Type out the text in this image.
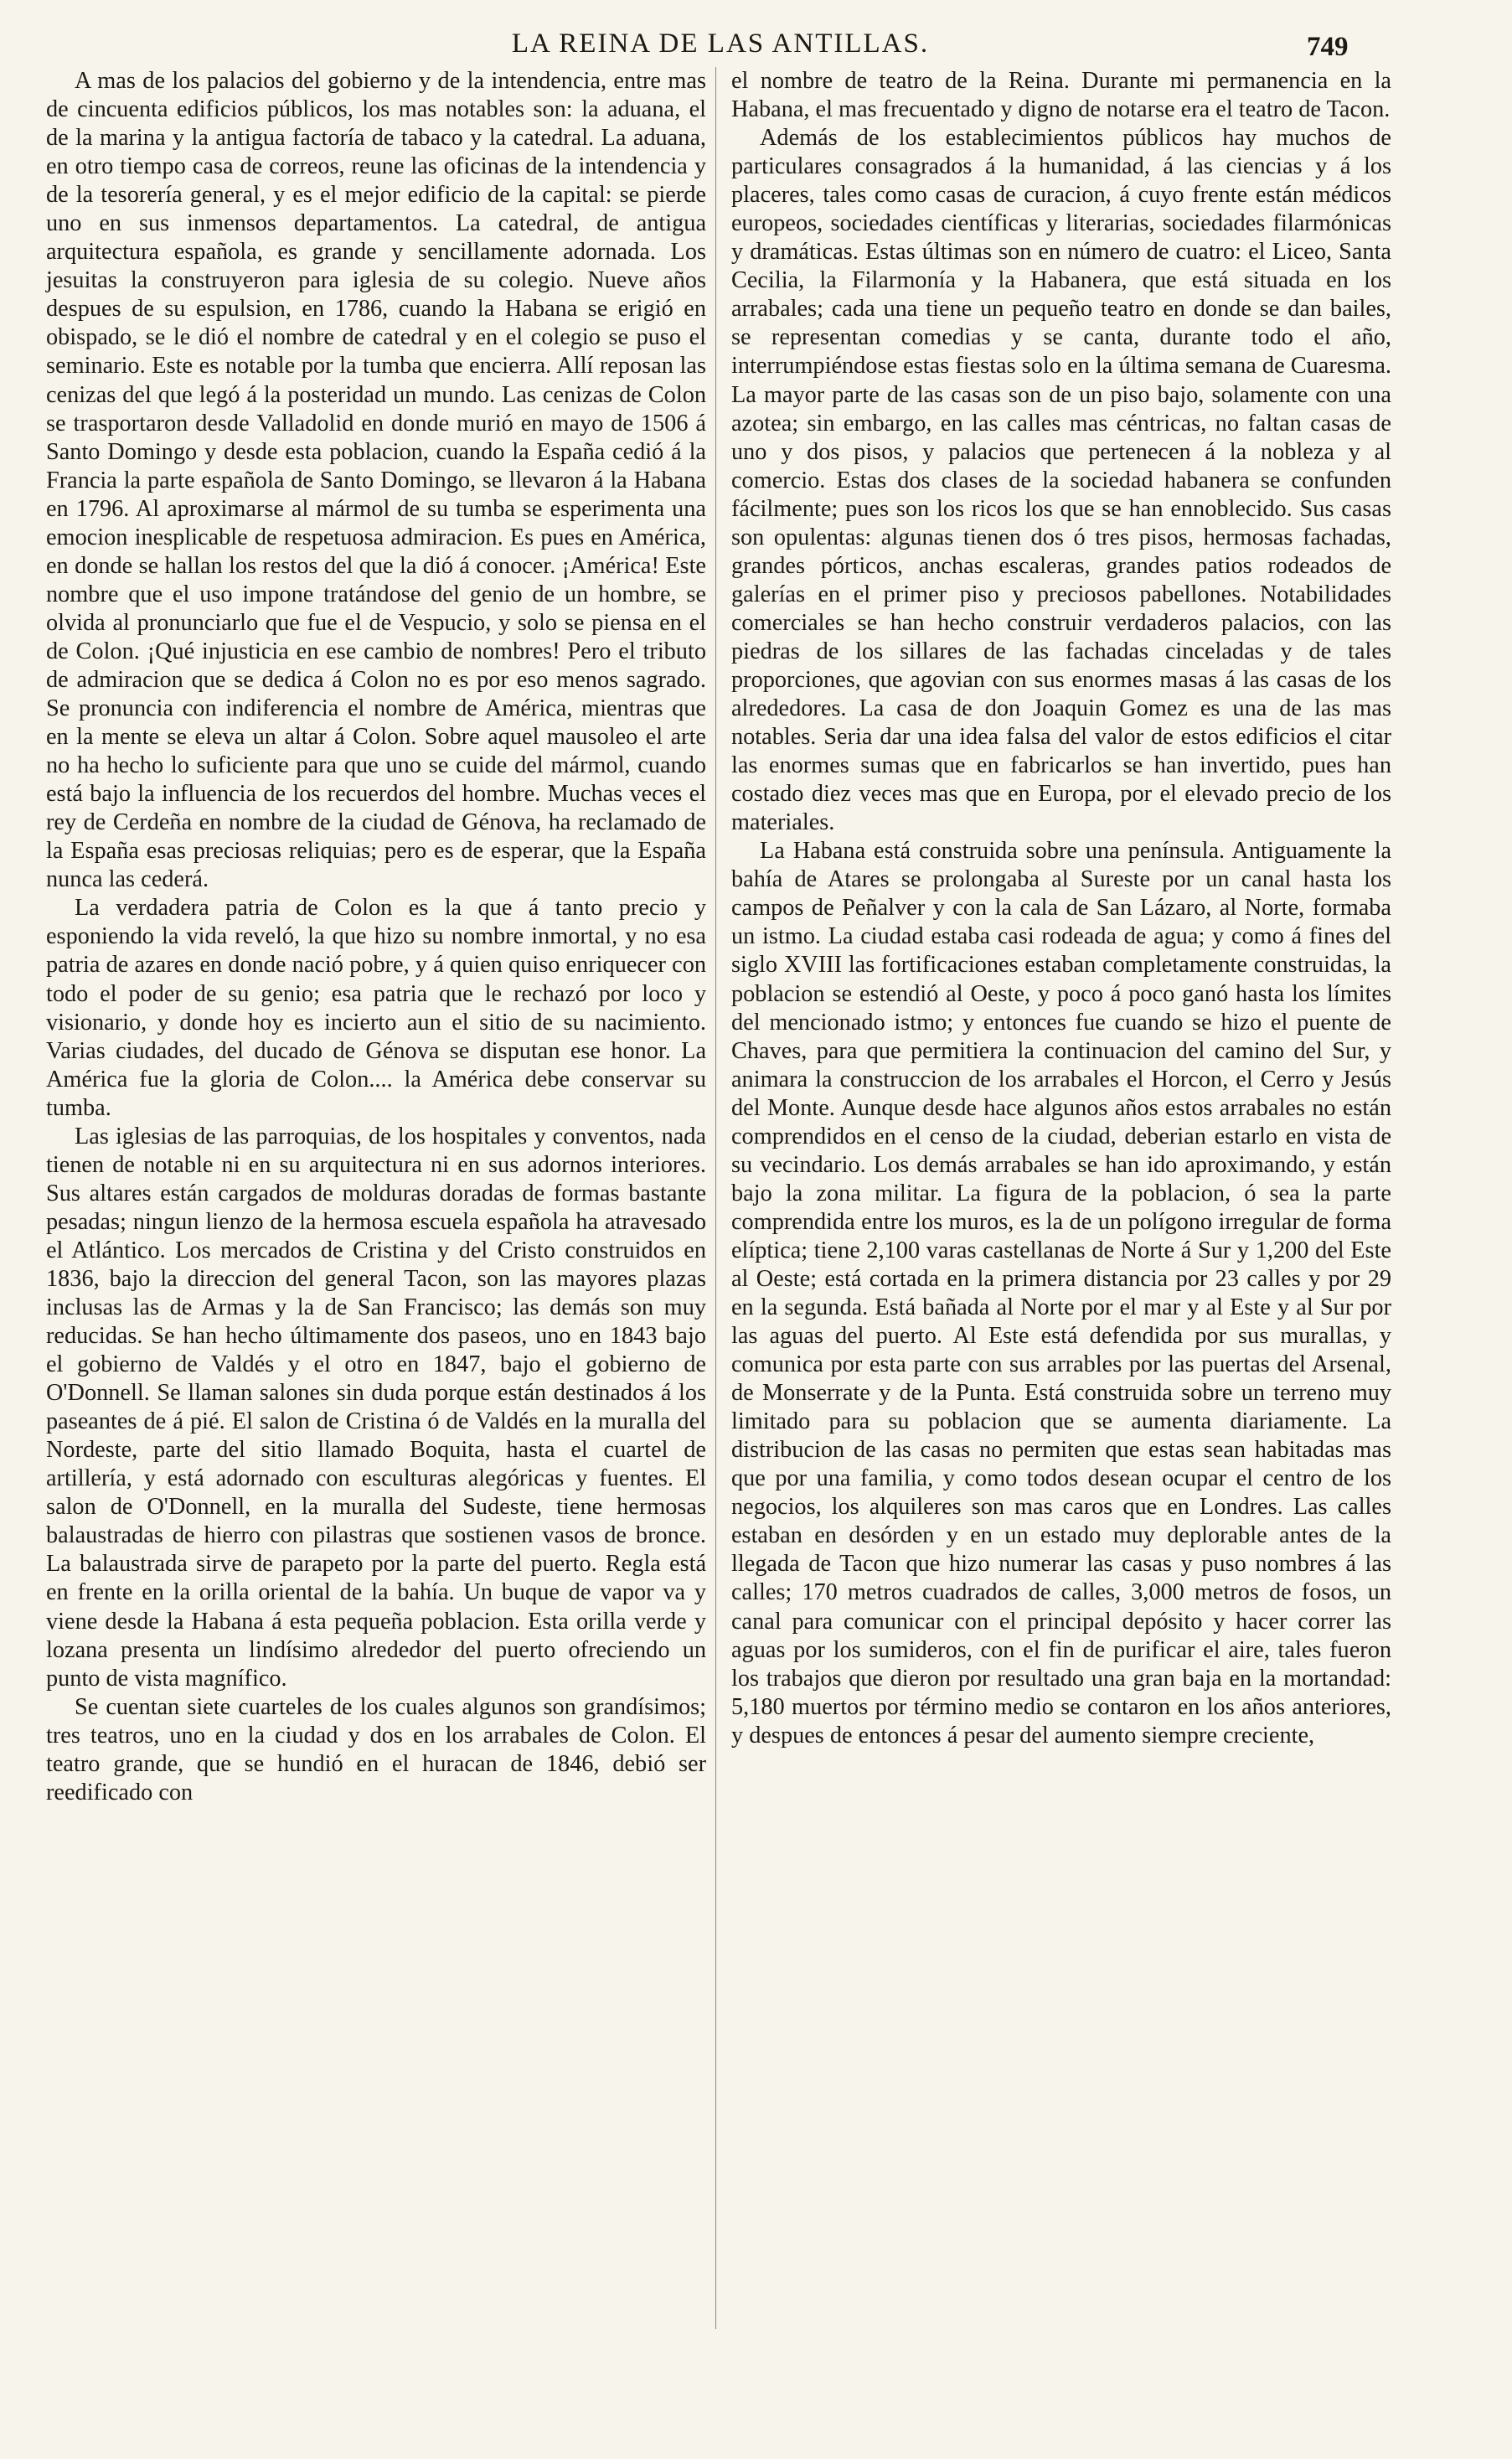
LA REINA DE LAS ANTILLAS.	749

A mas de los palacios del gobierno y de la intendencia, entre mas de cincuenta edificios públicos, los mas notables son: la aduana, el de la marina y la antigua factoría de tabaco y la catedral. La aduana, en otro tiempo casa de correos, reune las oficinas de la intendencia y de la tesorería general, y es el mejor edificio de la capital: se pierde uno en sus inmensos departamentos. La catedral, de antigua arquitectura española, es grande y sencillamente adornada. Los jesuitas la construyeron para iglesia de su colegio. Nueve años despues de su espulsion, en 1786, cuando la Habana se erigió en obispado, se le dió el nombre de catedral y en el colegio se puso el seminario. Este es notable por la tumba que encierra. Allí reposan las cenizas del que legó á la posteridad un mundo. Las cenizas de Colon se trasportaron desde Valladolid en donde murió en mayo de 1506 á Santo Domingo y desde esta poblacion, cuando la España cedió á la Francia la parte española de Santo Domingo, se llevaron á la Habana en 1796. Al aproximarse al mármol de su tumba se esperimenta una emocion inesplicable de respetuosa admiracion. Es pues en América, en donde se hallan los restos del que la dió á conocer. ¡América! Este nombre que el uso impone tratándose del genio de un hombre, se olvida al pronunciarlo que fue el de Vespucio, y solo se piensa en el de Colon. ¡Qué injusticia en ese cambio de nombres! Pero el tributo de admiracion que se dedica á Colon no es por eso menos sagrado. Se pronuncia con indiferencia el nombre de América, mientras que en la mente se eleva un altar á Colon. Sobre aquel mausoleo el arte no ha hecho lo suficiente para que uno se cuide del mármol, cuando está bajo la influencia de los recuerdos del hombre. Muchas veces el rey de Cerdeña en nombre de la ciudad de Génova, ha reclamado de la España esas preciosas reliquias; pero es de esperar, que la España nunca las cederá.

La verdadera patria de Colon es la que á tanto precio y esponiendo la vida reveló, la que hizo su nombre inmortal, y no esa patria de azares en donde nació pobre, y á quien quiso enriquecer con todo el poder de su genio; esa patria que le rechazó por loco y visionario, y donde hoy es incierto aun el sitio de su nacimiento. Varias ciudades, del ducado de Génova se disputan ese honor. La América fue la gloria de Colon.... la América debe conservar su tumba.

Las iglesias de las parroquias, de los hospitales y conventos, nada tienen de notable ni en su arquitectura ni en sus adornos interiores. Sus altares están cargados de molduras doradas de formas bastante pesadas; ningun lienzo de la hermosa escuela española ha atravesado el Atlántico. Los mercados de Cristina y del Cristo construidos en 1836, bajo la direccion del general Tacon, son las mayores plazas inclusas las de Armas y la de San Francisco; las demás son muy reducidas. Se han hecho últimamente dos paseos, uno en 1843 bajo el gobierno de Valdés y el otro en 1847, bajo el gobierno de O'Donnell. Se llaman salones sin duda porque están destinados á los paseantes de á pié. El salon de Cristina ó de Valdés en la muralla del Nordeste, parte del sitio llamado Boquita, hasta el cuartel de artillería, y está adornado con esculturas alegóricas y fuentes. El salon de O'Donnell, en la muralla del Sudeste, tiene hermosas balaustradas de hierro con pilastras que sostienen vasos de bronce. La balaustrada sirve de parapeto por la parte del puerto. Regla está en frente en la orilla oriental de la bahía. Un buque de vapor va y viene desde la Habana á esta pequeña poblacion. Esta orilla verde y lozana presenta un lindísimo alrededor del puerto ofreciendo un punto de vista magnífico.

Se cuentan siete cuarteles de los cuales algunos son grandísimos; tres teatros, uno en la ciudad y dos en los arrabales de Colon. El teatro grande, que se hundió en el huracan de 1846, debió ser reedificado con

el nombre de teatro de la Reina. Durante mi permanencia en la Habana, el mas frecuentado y digno de notarse era el teatro de Tacon.

Además de los establecimientos públicos hay muchos de particulares consagrados á la humanidad, á las ciencias y á los placeres, tales como casas de curacion, á cuyo frente están médicos europeos, sociedades científicas y literarias, sociedades filarmónicas y dramáticas. Estas últimas son en número de cuatro: el Liceo, Santa Cecilia, la Filarmonía y la Habanera, que está situada en los arrabales; cada una tiene un pequeño teatro en donde se dan bailes, se representan comedias y se canta, durante todo el año, interrumpiéndose estas fiestas solo en la última semana de Cuaresma. La mayor parte de las casas son de un piso bajo, solamente con una azotea; sin embargo, en las calles mas céntricas, no faltan casas de uno y dos pisos, y palacios que pertenecen á la nobleza y al comercio. Estas dos clases de la sociedad habanera se confunden fácilmente; pues son los ricos los que se han ennoblecido. Sus casas son opulentas: algunas tienen dos ó tres pisos, hermosas fachadas, grandes pórticos, anchas escaleras, grandes patios rodeados de galerías en el primer piso y preciosos pabellones. Notabilidades comerciales se han hecho construir verdaderos palacios, con las piedras de los sillares de las fachadas cinceladas y de tales proporciones, que agovian con sus enormes masas á las casas de los alrededores. La casa de don Joaquin Gomez es una de las mas notables. Seria dar una idea falsa del valor de estos edificios el citar las enormes sumas que en fabricarlos se han invertido, pues han costado diez veces mas que en Europa, por el elevado precio de los materiales.

La Habana está construida sobre una península. Antiguamente la bahía de Atares se prolongaba al Sureste por un canal hasta los campos de Peñalver y con la cala de San Lázaro, al Norte, formaba un istmo. La ciudad estaba casi rodeada de agua; y como á fines del siglo XVIII las fortificaciones estaban completamente construidas, la poblacion se estendió al Oeste, y poco á poco ganó hasta los límites del mencionado istmo; y entonces fue cuando se hizo el puente de Chaves, para que permitiera la continuacion del camino del Sur, y animara la construccion de los arrabales el Horcon, el Cerro y Jesús del Monte. Aunque desde hace algunos años estos arrabales no están comprendidos en el censo de la ciudad, deberian estarlo en vista de su vecindario. Los demás arrabales se han ido aproximando, y están bajo la zona militar. La figura de la poblacion, ó sea la parte comprendida entre los muros, es la de un polígono irregular de forma elíptica; tiene 2,100 varas castellanas de Norte á Sur y 1,200 del Este al Oeste; está cortada en la primera distancia por 23 calles y por 29 en la segunda. Está bañada al Norte por el mar y al Este y al Sur por las aguas del puerto. Al Este está defendida por sus murallas, y comunica por esta parte con sus arrables por las puertas del Arsenal, de Monserrate y de la Punta. Está construida sobre un terreno muy limitado para su poblacion que se aumenta diariamente. La distribucion de las casas no permiten que estas sean habitadas mas que por una familia, y como todos desean ocupar el centro de los negocios, los alquileres son mas caros que en Londres. Las calles estaban en desórden y en un estado muy deplorable antes de la llegada de Tacon que hizo numerar las casas y puso nombres á las calles; 170 metros cuadrados de calles, 3,000 metros de fosos, un canal para comunicar con el principal depósito y hacer correr las aguas por los sumideros, con el fin de purificar el aire, tales fueron los trabajos que dieron por resultado una gran baja en la mortandad: 5,180 muertos por término medio se contaron en los años anteriores, y despues de entonces á pesar del aumento siempre creciente,
